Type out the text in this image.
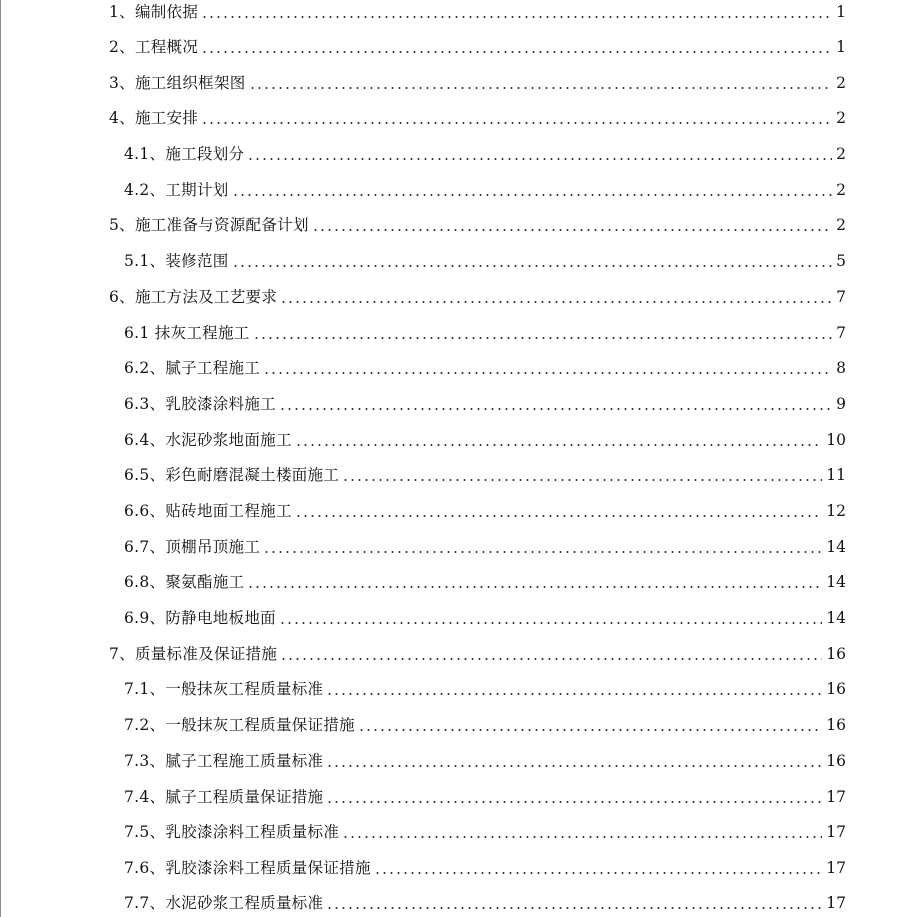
1、编制依据	1
2、工程概况	1
3、施工组织框架图	2
4、施工安排	2
4.1、施工段划分	2
4.2、工期计划	2
5、施工准备与资源配备计划	2
5.1、装修范围	5
6、施工方法及工艺要求	7
6.1 抹灰工程施工	7
6.2、腻子工程施工	8
6.3、乳胶漆涂料施工	9
6.4、水泥砂浆地面施工	10
6.5、彩色耐磨混凝土楼面施工	11
6.6、贴砖地面工程施工	12
6.7、顶棚吊顶施工	14
6.8、聚氨酯施工	14
6.9、防静电地板地面	14
7、质量标准及保证措施	16
7.1、一般抹灰工程质量标准	16
7.2、一般抹灰工程质量保证措施	16
7.3、腻子工程施工质量标准	16
7.4、腻子工程质量保证措施	17
7.5、乳胶漆涂料工程质量标准	17
7.6、乳胶漆涂料工程质量保证措施	17
7.7、水泥砂浆工程质量标准	17
